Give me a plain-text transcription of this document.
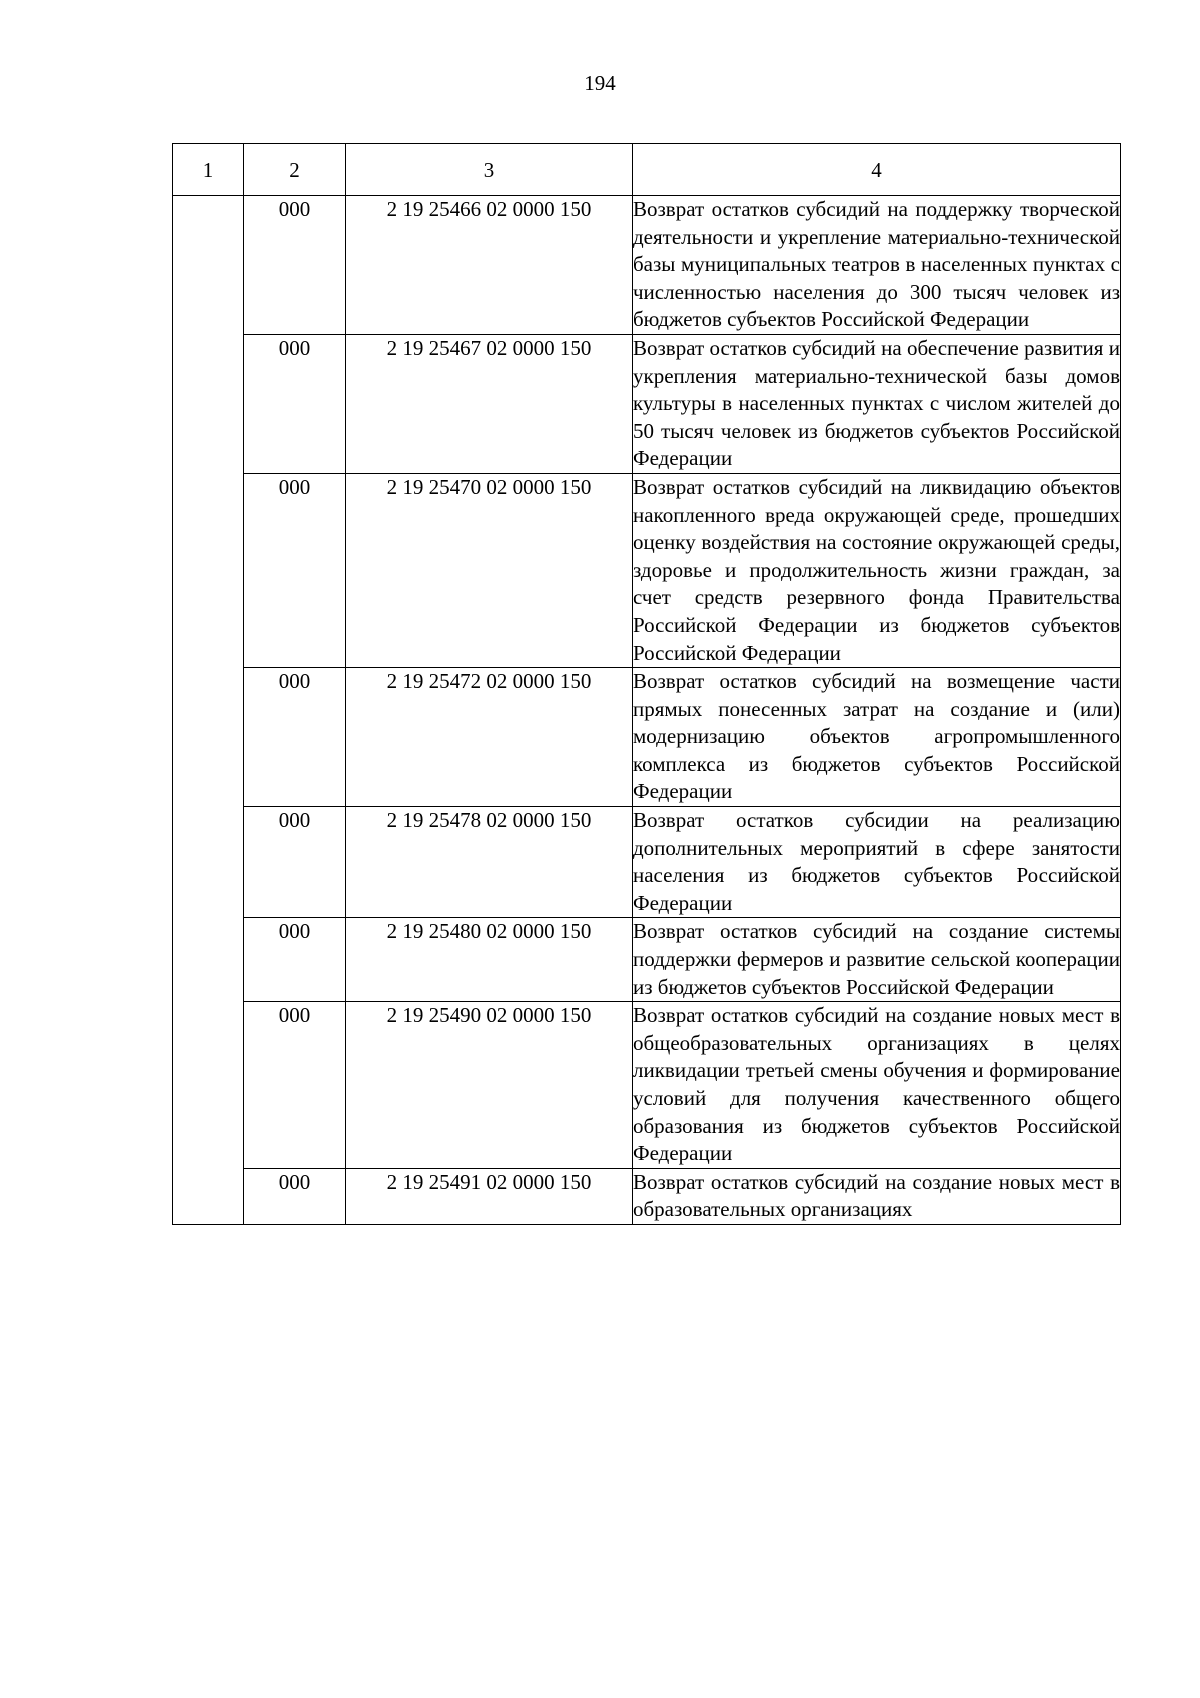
194
1	2	3	4
	000	2 19 25466 02 0000 150	Возврат остатков субсидий на поддержку творческой деятельности и укрепление материально-технической базы муниципальных театров в населенных пунктах с численностью населения до 300 тысяч человек из бюджетов субъектов Российской Федерации
	000	2 19 25467 02 0000 150	Возврат остатков субсидий на обеспечение развития и укрепления материально-технической базы домов культуры в населенных пунктах с числом жителей до 50 тысяч человек из бюджетов субъектов Российской Федерации
	000	2 19 25470 02 0000 150	Возврат остатков субсидий на ликвидацию объектов накопленного вреда окружающей среде, прошедших оценку воздействия на состояние окружающей среды, здоровье и продолжительность жизни граждан, за счет средств резервного фонда Правительства Российской Федерации из бюджетов субъектов Российской Федерации
	000	2 19 25472 02 0000 150	Возврат остатков субсидий на возмещение части прямых понесенных затрат на создание и (или) модернизацию объектов агропромышленного комплекса из бюджетов субъектов Российской Федерации
	000	2 19 25478 02 0000 150	Возврат остатков субсидии на реализацию дополнительных мероприятий в сфере занятости населения из бюджетов субъектов Российской Федерации
	000	2 19 25480 02 0000 150	Возврат остатков субсидий на создание системы поддержки фермеров и развитие сельской кооперации из бюджетов субъектов Российской Федерации
	000	2 19 25490 02 0000 150	Возврат остатков субсидий на создание новых мест в общеобразовательных организациях в целях ликвидации третьей смены обучения и формирование условий для получения качественного общего образования из бюджетов субъектов Российской Федерации
	000	2 19 25491 02 0000 150	Возврат остатков субсидий на создание новых мест в образовательных организациях
